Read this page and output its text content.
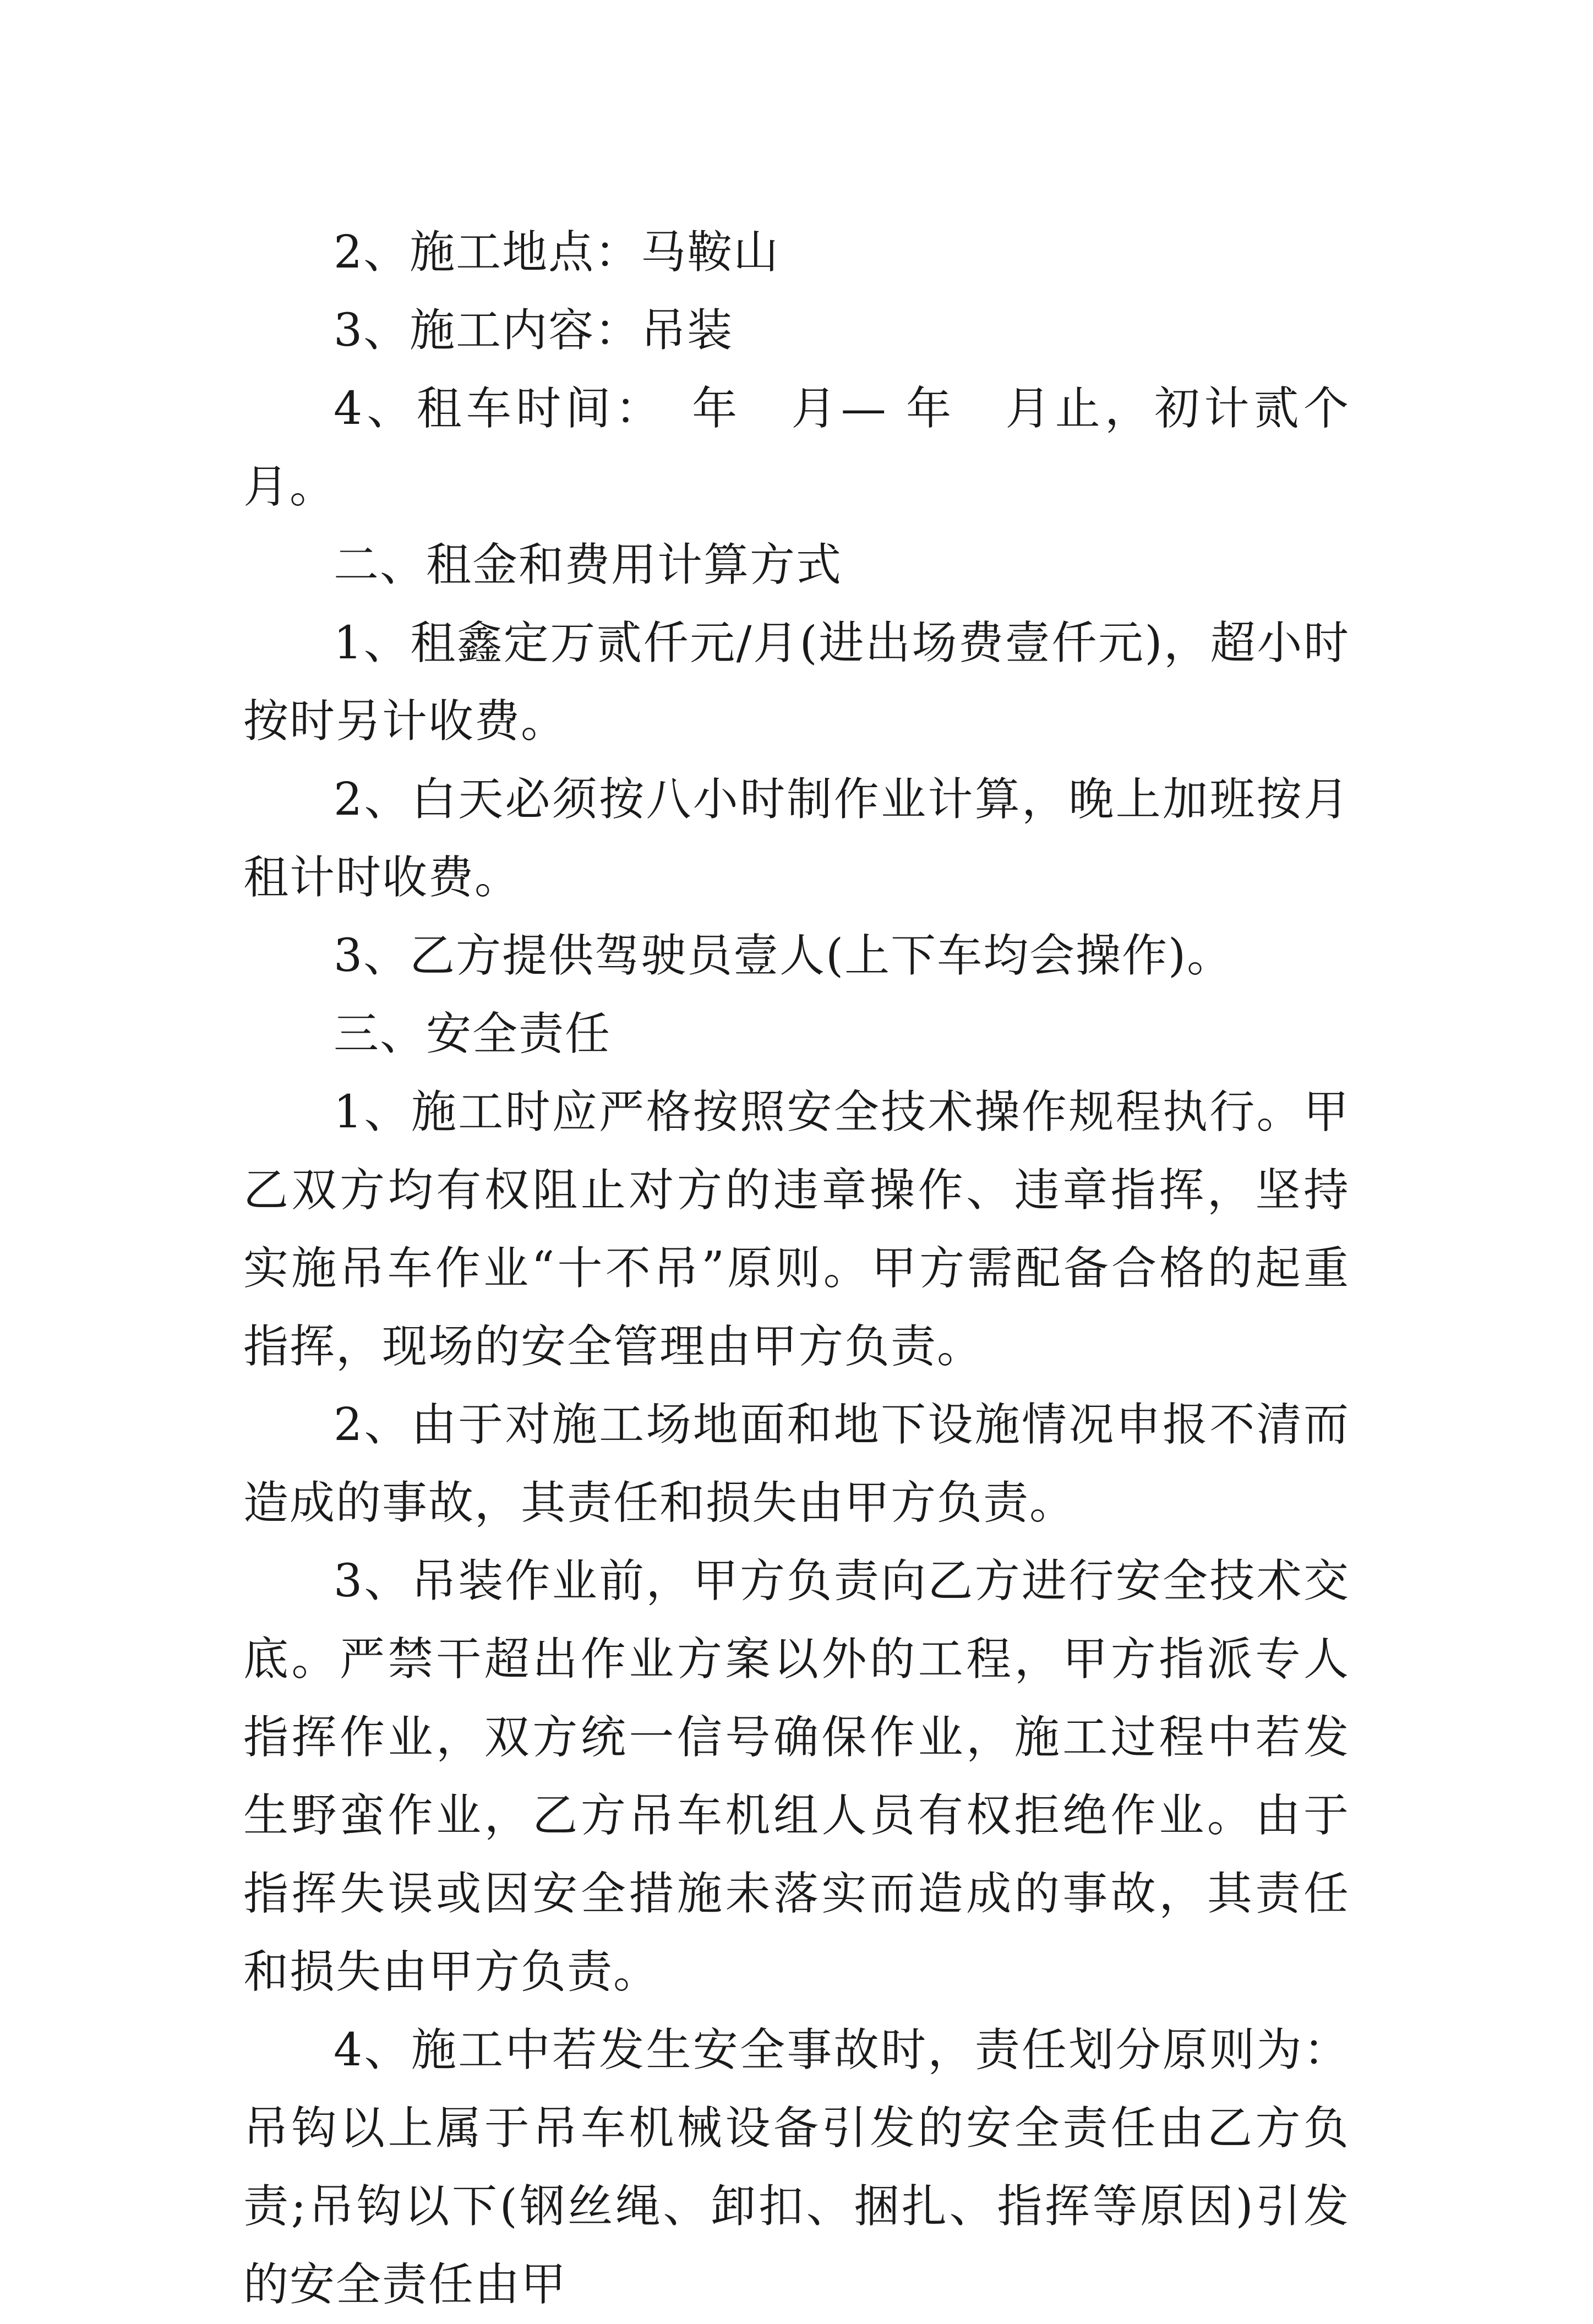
2、施工地点：马鞍山

3、施工内容：吊装

4、租车时间：　年　月— 年　月止，初计贰个月。

二、租金和费用计算方式

1、租鑫定万贰仟元/月(进出场费壹仟元)，超小时按时另计收费。

2、白天必须按八小时制作业计算，晚上加班按月租计时收费。

3、乙方提供驾驶员壹人(上下车均会操作)。

三、安全责任

1、施工时应严格按照安全技术操作规程执行。甲乙双方均有权阻止对方的违章操作、违章指挥，坚持实施吊车作业“十不吊”原则。甲方需配备合格的起重指挥，现场的安全管理由甲方负责。

2、由于对施工场地面和地下设施情况申报不清而造成的事故，其责任和损失由甲方负责。

3、吊装作业前，甲方负责向乙方进行安全技术交底。严禁干超出作业方案以外的工程，甲方指派专人指挥作业，双方统一信号确保作业，施工过程中若发生野蛮作业，乙方吊车机组人员有权拒绝作业。由于指挥失误或因安全措施未落实而造成的事故，其责任和损失由甲方负责。

4、施工中若发生安全事故时，责任划分原则为：吊钩以上属于吊车机械设备引发的安全责任由乙方负责;吊钩以下(钢丝绳、卸扣、捆扎、指挥等原因)引发的安全责任由甲
